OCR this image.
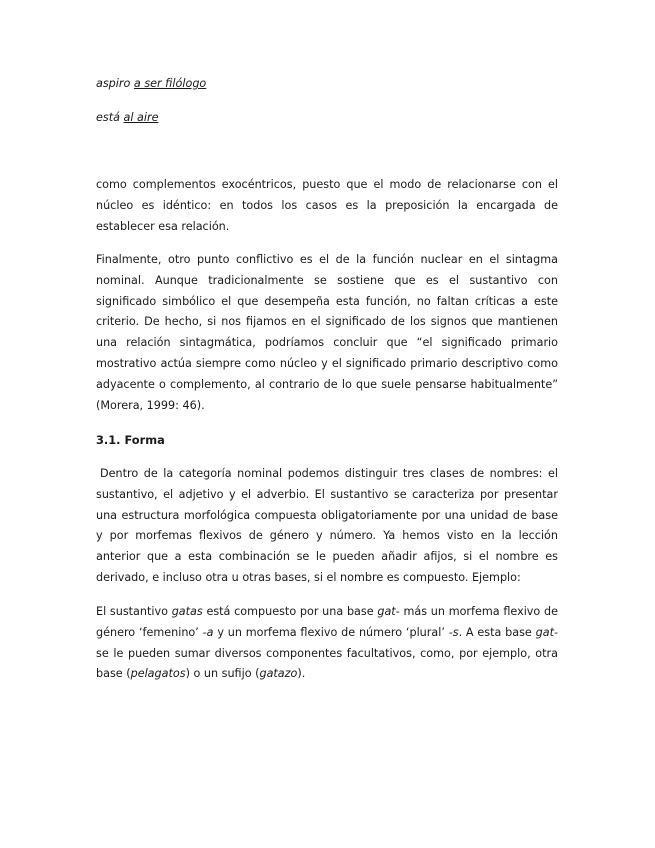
aspiro a ser filólogo
está al aire

como complementos exocéntricos, puesto que el modo de relacionarse con el núcleo es idéntico: en todos los casos es la preposición la encargada de establecer esa relación.

Finalmente, otro punto conflictivo es el de la función nuclear en el sintagma nominal. Aunque tradicionalmente se sostiene que es el sustantivo con significado simbólico el que desempeña esta función, no faltan críticas a este criterio. De hecho, si nos fijamos en el significado de los signos que mantienen una relación sintagmática, podríamos concluir que “el significado primario mostrativo actúa siempre como núcleo y el significado primario descriptivo como adyacente o complemento, al contrario de lo que suele pensarse habitualmente” (Morera, 1999: 46).

3.1. Forma

Dentro de la categoría nominal podemos distinguir tres clases de nombres: el sustantivo, el adjetivo y el adverbio. El sustantivo se caracteriza por presentar una estructura morfológica compuesta obligatoriamente por una unidad de base y por morfemas flexivos de género y número. Ya hemos visto en la lección anterior que a esta combinación se le pueden añadir afijos, si el nombre es derivado, e incluso otra u otras bases, si el nombre es compuesto. Ejemplo:

El sustantivo gatas está compuesto por una base gat- más un morfema flexivo de género ‘femenino’ -a y un morfema flexivo de número ‘plural’ -s. A esta base gat- se le pueden sumar diversos componentes facultativos, como, por ejemplo, otra base (pelagatos) o un sufijo (gatazo).
